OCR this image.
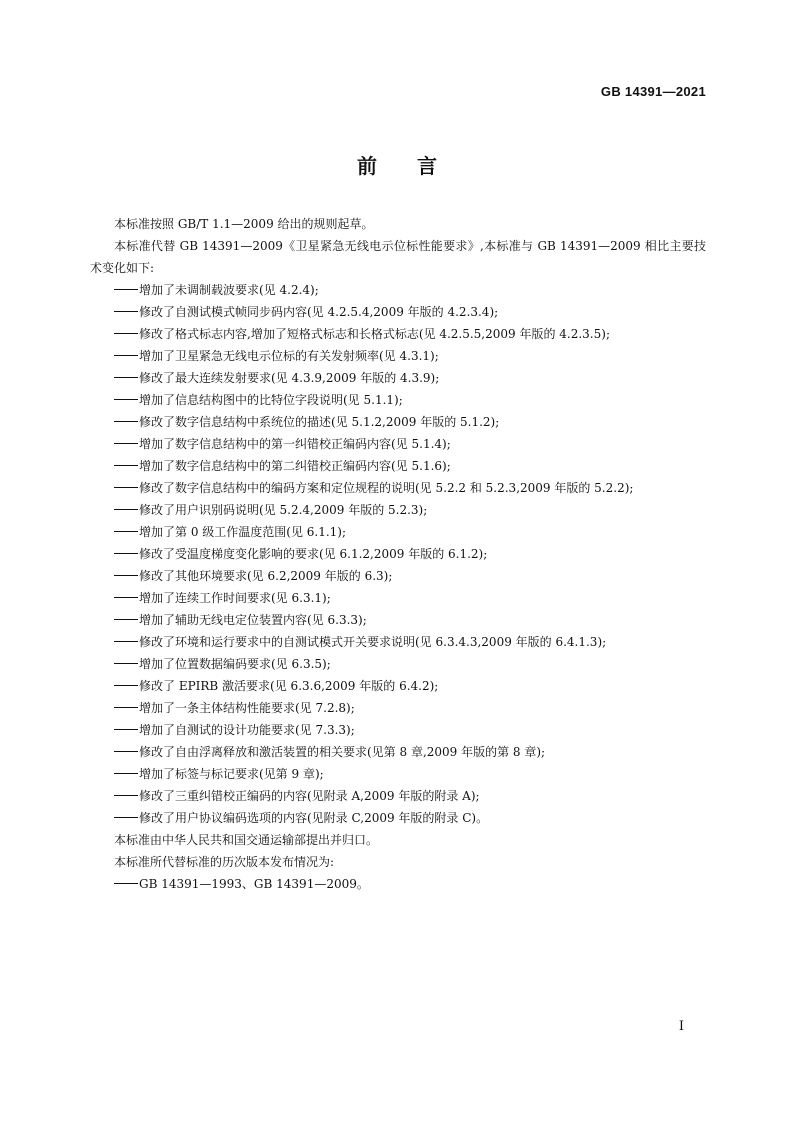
GB 14391—2021
前言

本标准按照 GB/T 1.1—2009 给出的规则起草。

本标准代替 GB 14391—2009《卫星紧急无线电示位标性能要求》,本标准与 GB 14391—2009 相比主要技术变化如下:

增加了未调制载波要求(见 4.2.4);

修改了自测试模式帧同步码内容(见 4.2.5.4,2009 年版的 4.2.3.4);

修改了格式标志内容,增加了短格式标志和长格式标志(见 4.2.5.5,2009 年版的 4.2.3.5);

增加了卫星紧急无线电示位标的有关发射频率(见 4.3.1);

修改了最大连续发射要求(见 4.3.9,2009 年版的 4.3.9);

增加了信息结构图中的比特位字段说明(见 5.1.1);

修改了数字信息结构中系统位的描述(见 5.1.2,2009 年版的 5.1.2);

增加了数字信息结构中的第一纠错校正编码内容(见 5.1.4);

增加了数字信息结构中的第二纠错校正编码内容(见 5.1.6);

修改了数字信息结构中的编码方案和定位规程的说明(见 5.2.2 和 5.2.3,2009 年版的 5.2.2);

修改了用户识别码说明(见 5.2.4,2009 年版的 5.2.3);

增加了第 0 级工作温度范围(见 6.1.1);

修改了受温度梯度变化影响的要求(见 6.1.2,2009 年版的 6.1.2);

修改了其他环境要求(见 6.2,2009 年版的 6.3);

增加了连续工作时间要求(见 6.3.1);

增加了辅助无线电定位装置内容(见 6.3.3);

修改了环境和运行要求中的自测试模式开关要求说明(见 6.3.4.3,2009 年版的 6.4.1.3);

增加了位置数据编码要求(见 6.3.5);

修改了 EPIRB 激活要求(见 6.3.6,2009 年版的 6.4.2);

增加了一条主体结构性能要求(见 7.2.8);

增加了自测试的设计功能要求(见 7.3.3);

修改了自由浮离释放和激活装置的相关要求(见第 8 章,2009 年版的第 8 章);

增加了标签与标记要求(见第 9 章);

修改了三重纠错校正编码的内容(见附录 A,2009 年版的附录 A);

修改了用户协议编码选项的内容(见附录 C,2009 年版的附录 C)。

本标准由中华人民共和国交通运输部提出并归口。

本标准所代替标准的历次版本发布情况为:

GB 14391—1993、GB 14391—2009。

I
